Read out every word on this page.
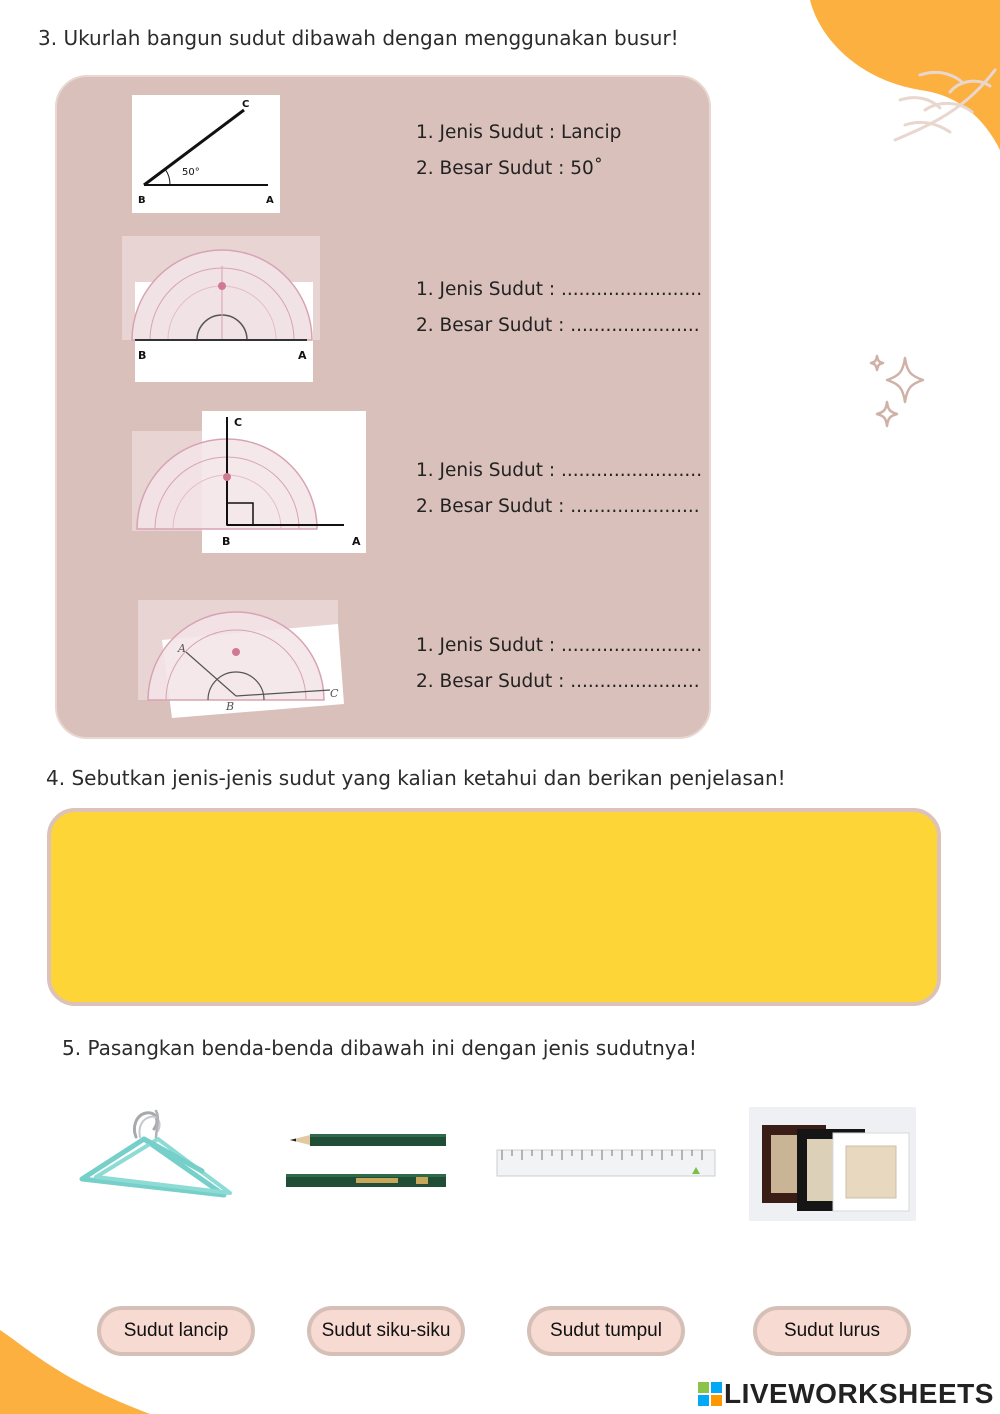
3. Ukurlah bangun sudut dibawah dengan menggunakan busur!
50°
B	A
C
1. Jenis Sudut : Lancip
2. Besar Sudut : 50˚
B	A
1. Jenis Sudut : ........................
2. Besar Sudut : ......................
C
B	A
1. Jenis Sudut : ........................
2. Besar Sudut : ......................
A
B
C
1. Jenis Sudut : ........................
2. Besar Sudut : ......................
4. Sebutkan jenis-jenis sudut yang kalian ketahui dan berikan penjelasan!
5. Pasangkan benda-benda dibawah ini dengan jenis sudutnya!
Sudut lancip	Sudut siku-siku	Sudut tumpul	Sudut lurus
LIVEWORKSHEETS
